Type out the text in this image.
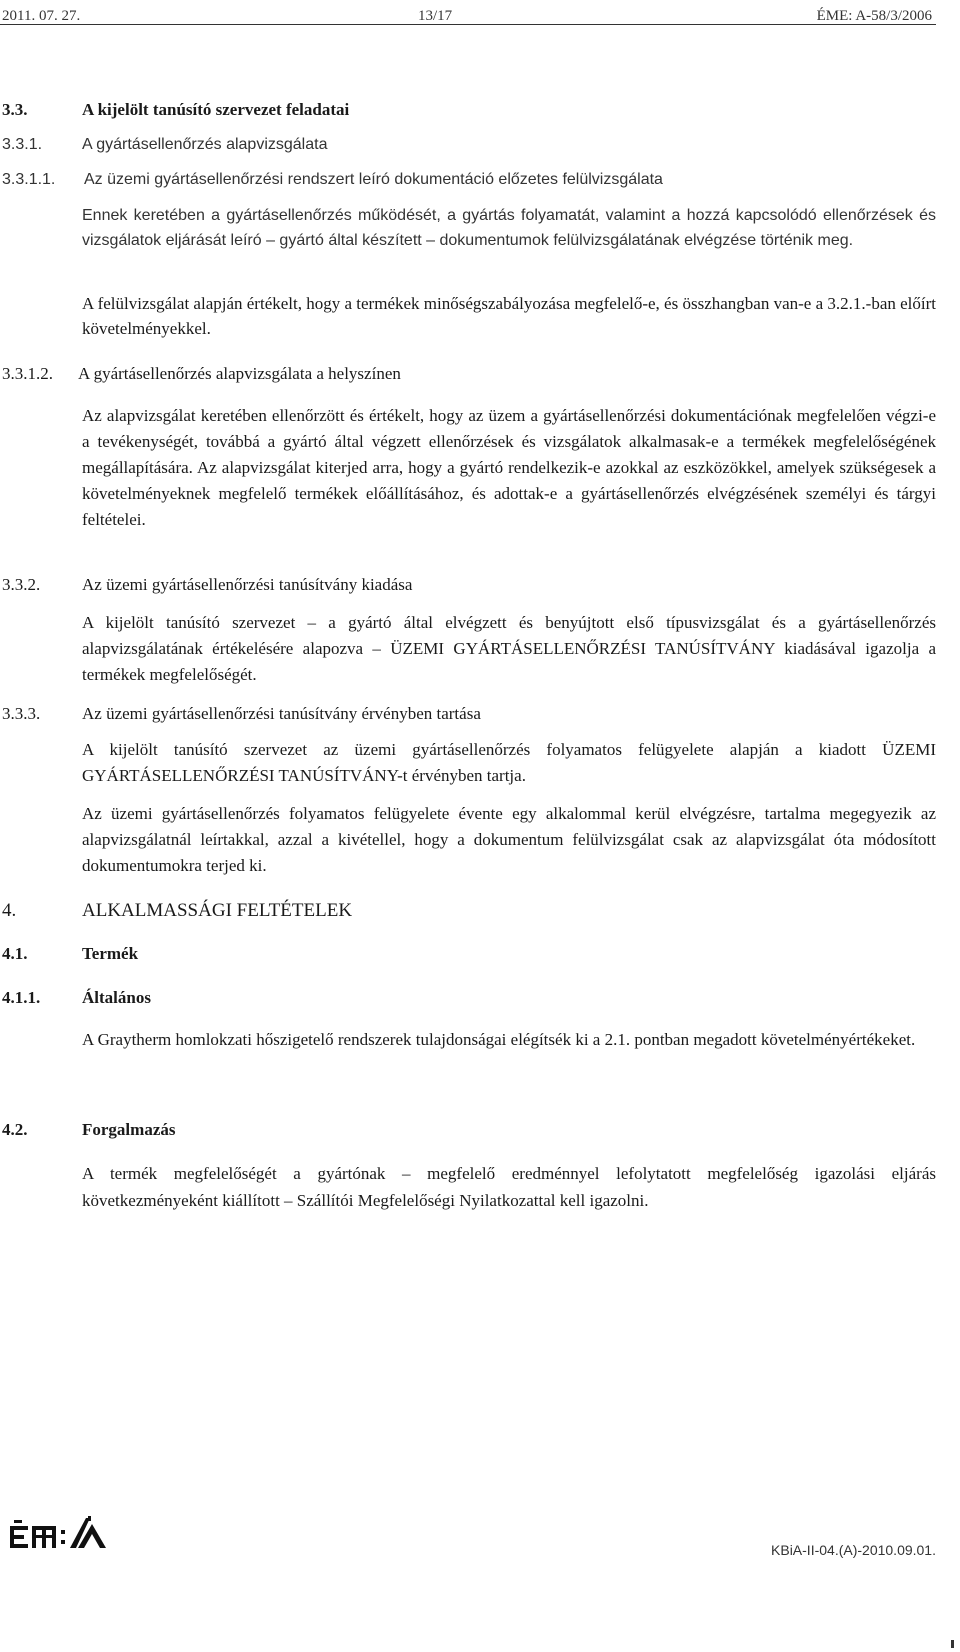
2011. 07. 27.	13/17	ÉME: A-58/3/2006
3.3.	A kijelölt tanúsító szervezet feladatai
3.3.1. A gyártásellenőrzés alapvizsgálata
3.3.1.1. Az üzemi gyártásellenőrzési rendszert leíró dokumentáció előzetes felülvizsgálata

Ennek keretében a gyártásellenőrzés működését, a gyártás folyamatát, valamint a hozzá kapcsolódó ellenőrzések és vizsgálatok eljárását leíró – gyártó által készített – dokumentumok felülvizsgálatának elvégzése történik meg.

A felülvizsgálat alapján értékelt, hogy a termékek minőségszabályozása megfelelő-e, és összhangban van-e a 3.2.1.-ban előírt követelményekkel.

3.3.1.2. A gyártásellenőrzés alapvizsgálata a helyszínen

Az alapvizsgálat keretében ellenőrzött és értékelt, hogy az üzem a gyártásellenőrzési dokumentációnak megfelelően végzi-e a tevékenységét, továbbá a gyártó által végzett ellenőrzések és vizsgálatok alkalmasak-e a termékek megfelelőségének megállapítására. Az alapvizsgálat kiterjed arra, hogy a gyártó rendelkezik-e azokkal az eszközökkel, amelyek szükségesek a követelményeknek megfelelő termékek előállításához, és adottak-e a gyártásellenőrzés elvégzésének személyi és tárgyi feltételei.

3.3.2. Az üzemi gyártásellenőrzési tanúsítvány kiadása

A kijelölt tanúsító szervezet – a gyártó által elvégzett és benyújtott első típusvizsgálat és a gyártásellenőrzés alapvizsgálatának értékelésére alapozva – ÜZEMI GYÁRTÁSELLENŐRZÉSI TANÚSÍTVÁNY kiadásával igazolja a termékek megfelelőségét.

3.3.3. Az üzemi gyártásellenőrzési tanúsítvány érvényben tartása

A kijelölt tanúsító szervezet az üzemi gyártásellenőrzés folyamatos felügyelete alapján a kiadott ÜZEMI GYÁRTÁSELLENŐRZÉSI TANÚSÍTVÁNY-t érvényben tartja.

Az üzemi gyártásellenőrzés folyamatos felügyelete évente egy alkalommal kerül elvégzésre, tartalma megegyezik az alapvizsgálatnál leírtakkal, azzal a kivétellel, hogy a dokumentum felülvizsgálat csak az alapvizsgálat óta módosított dokumentumokra terjed ki.

4.	ALKALMASSÁGI FELTÉTELEK
4.1.	Termék
4.1.1. Általános

A Graytherm homlokzati hőszigetelő rendszerek tulajdonságai elégítsék ki a 2.1. pontban megadott követelményértékeket.

4.2.	Forgalmazás

A termék megfelelőségét a gyártónak – megfelelő eredménnyel lefolytatott megfelelőség igazolási eljárás következményeként kiállított – Szállítói Megfelelőségi Nyilatkozattal kell igazolni.

KBiA-II-04.(A)-2010.09.01.
